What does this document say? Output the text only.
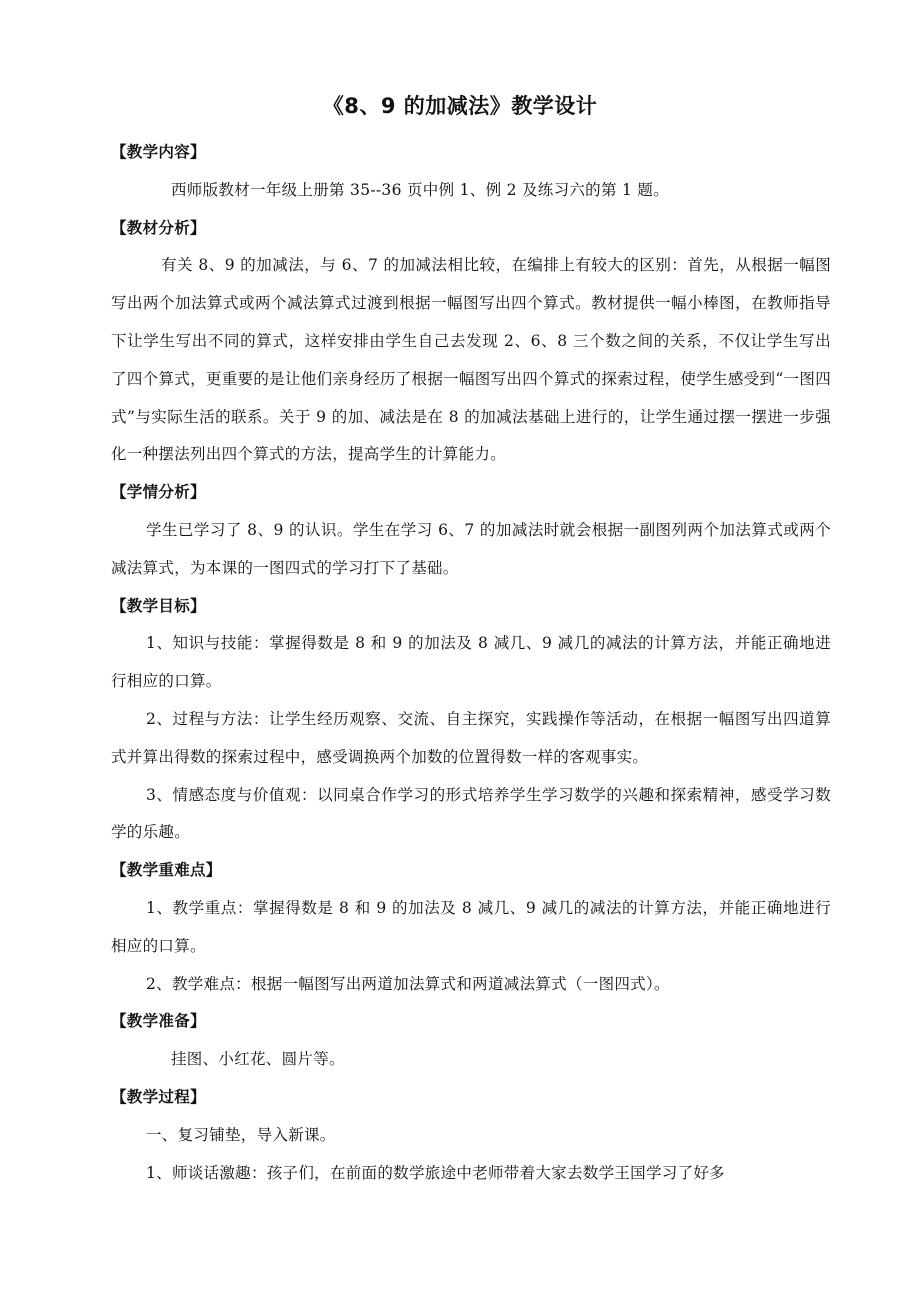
《8、9 的加减法》教学设计
【教学内容】

西师版教材一年级上册第 35--36 页中例 1、例 2 及练习六的第 1 题。

【教材分析】

有关 8、9 的加减法，与 6、7 的加减法相比较，在编排上有较大的区别：首先，从根据一幅图写出两个加法算式或两个减法算式过渡到根据一幅图写出四个算式。教材提供一幅小棒图，在教师指导下让学生写出不同的算式，这样安排由学生自己去发现 2、6、8 三个数之间的关系，不仅让学生写出了四个算式，更重要的是让他们亲身经历了根据一幅图写出四个算式的探索过程，使学生感受到“一图四式”与实际生活的联系。关于 9 的加、减法是在 8 的加减法基础上进行的，让学生通过摆一摆进一步强化一种摆法列出四个算式的方法，提高学生的计算能力。

【学情分析】

学生已学习了 8、9 的认识。学生在学习 6、7 的加减法时就会根据一副图列两个加法算式或两个减法算式，为本课的一图四式的学习打下了基础。

【教学目标】

1、知识与技能：掌握得数是 8 和 9 的加法及 8 减几、9 减几的减法的计算方法，并能正确地进行相应的口算。

2、过程与方法：让学生经历观察、交流、自主探究，实践操作等活动，在根据一幅图写出四道算式并算出得数的探索过程中，感受调换两个加数的位置得数一样的客观事实。

3、情感态度与价值观：以同桌合作学习的形式培养学生学习数学的兴趣和探索精神，感受学习数学的乐趣。

【教学重难点】

1、教学重点：掌握得数是 8 和 9 的加法及 8 减几、9 减几的减法的计算方法，并能正确地进行相应的口算。

2、教学难点：根据一幅图写出两道加法算式和两道减法算式（一图四式）。

【教学准备】

挂图、小红花、圆片等。

【教学过程】

一、复习铺垫，导入新课。

1、师谈话激趣：孩子们，在前面的数学旅途中老师带着大家去数学王国学习了好多
